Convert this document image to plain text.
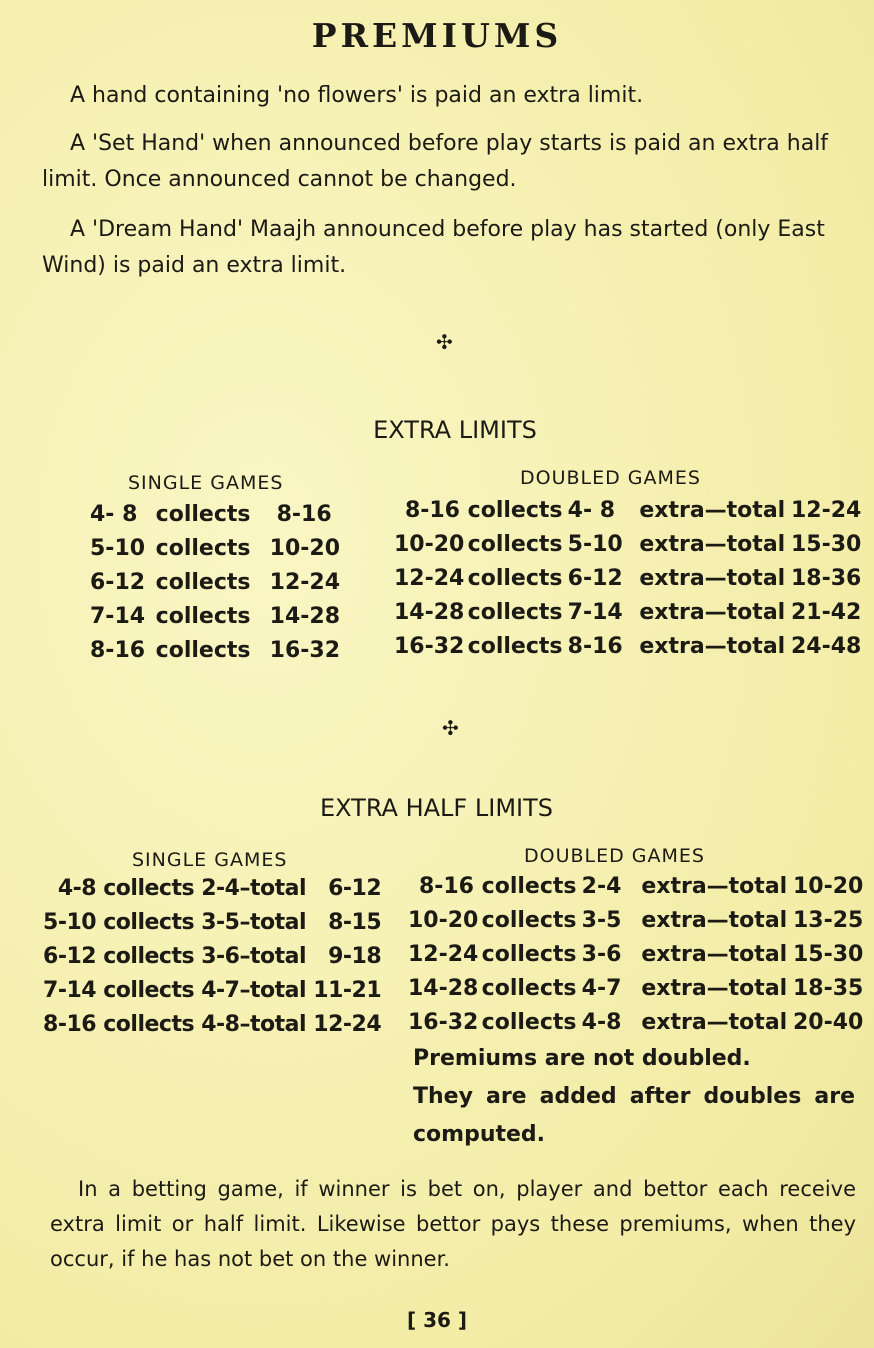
PREMIUMS
A hand containing 'no flowers' is paid an extra limit.
A 'Set Hand' when announced before play starts is paid an extra half limit. Once announced cannot be changed.
A 'Dream Hand' Maajh announced before play has started (only East Wind) is paid an extra limit.
✣
EXTRA LIMITS
SINGLE GAMES	DOUBLED GAMES
4- 8 collects 8-16
5-10 collects 10-20
6-12 collects 12-24
7-14 collects 14-28
8-16 collects 16-32
8-16 collects 4- 8 extra—total 12-24
10-20 collects 5-10 extra—total 15-30
12-24 collects 6-12 extra—total 18-36
14-28 collects 7-14 extra—total 21-42
16-32 collects 8-16 extra—total 24-48
✣
EXTRA HALF LIMITS
SINGLE GAMES	DOUBLED GAMES
4-8 collects 2-4–total 6-12
5-10 collects 3-5–total 8-15
6-12 collects 3-6–total 9-18
7-14 collects 4-7–total 11-21
8-16 collects 4-8–total 12-24
8-16 collects 2-4 extra—total 10-20
10-20 collects 3-5 extra—total 13-25
12-24 collects 3-6 extra—total 15-30
14-28 collects 4-7 extra—total 18-35
16-32 collects 4-8 extra—total 20-40
Premiums are not doubled.
They are added after doubles are
computed.
In a betting game, if winner is bet on, player and bettor each receive extra limit or half limit. Likewise bettor pays these premiums, when they occur, if he has not bet on the winner.
[ 36 ]
